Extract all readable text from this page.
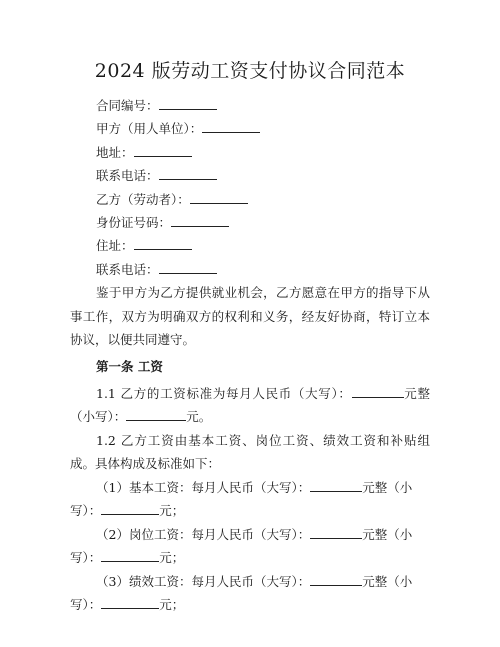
2024 版劳动工资支付协议合同范本
合同编号：
甲方（用人单位）：
地址：
联系电话：
乙方（劳动者）：
身份证号码：
住址：
联系电话：

鉴于甲方为乙方提供就业机会，乙方愿意在甲方的指导下从事工作，双方为明确双方的权利和义务，经友好协商，特订立本协议，以便共同遵守。

第一条 工资

1.1 乙方的工资标准为每月人民币（大写）：	元整（小写）：	元。

1.2 乙方工资由基本工资、岗位工资、绩效工资和补贴组成。具体构成及标准如下：

（1）基本工资：每月人民币（大写）：	元整（小写）：	元；

（2）岗位工资：每月人民币（大写）：	元整（小写）：	元；

（3）绩效工资：每月人民币（大写）：	元整（小写）：	元；
